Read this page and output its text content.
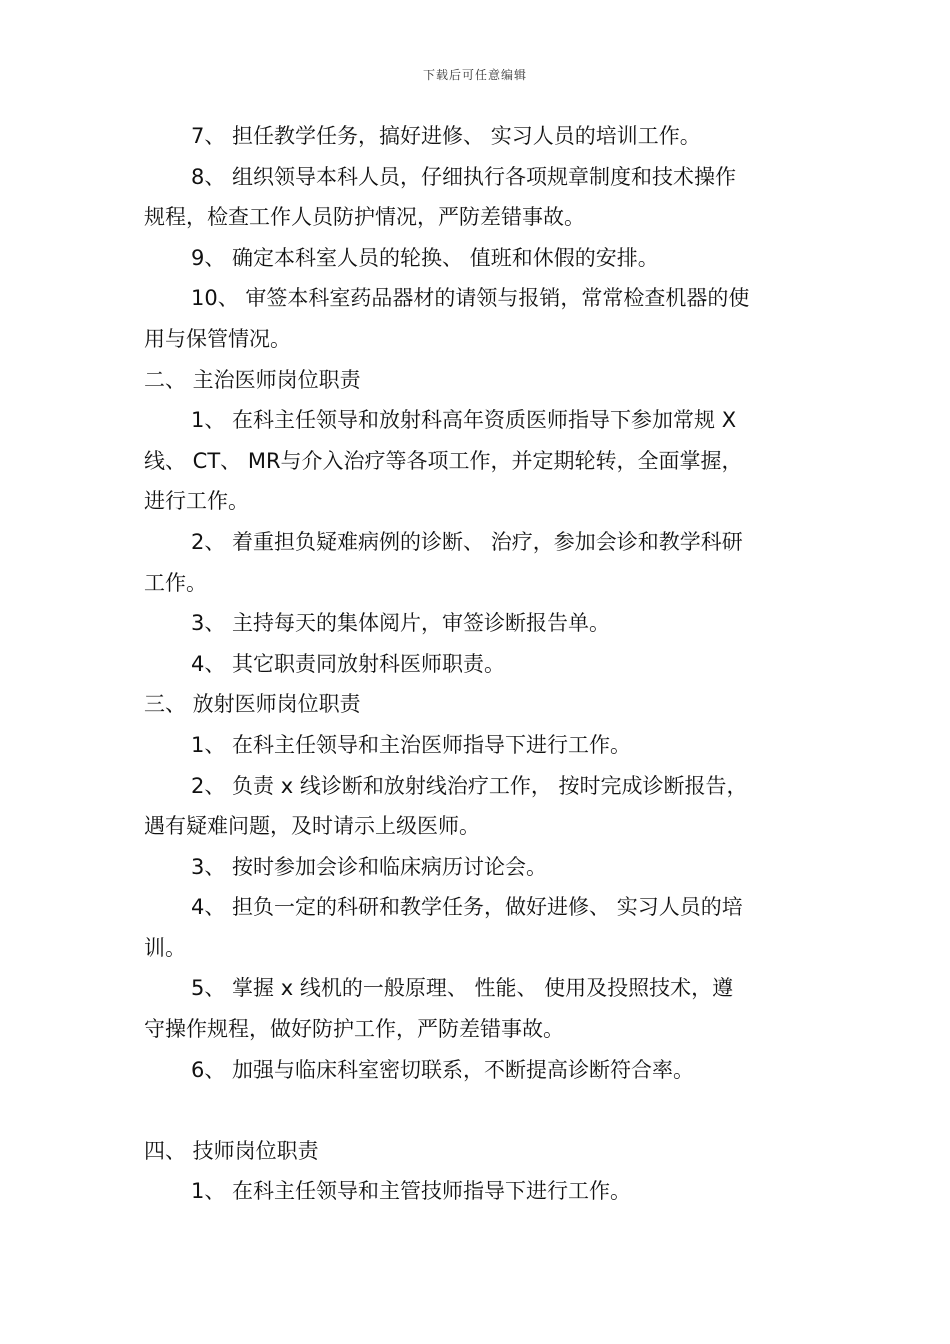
下载后可任意编辑
7、 担任教学任务，搞好进修、 实习人员的培训工作。
8、 组织领导本科人员，仔细执行各项规章制度和技术操作
规程，检查工作人员防护情况，严防差错事故。
9、 确定本科室人员的轮换、 值班和休假的安排。
10、 审签本科室药品器材的请领与报销，常常检查机器的使
用与保管情况。
二、 主治医师岗位职责
1、 在科主任领导和放射科高年资质医师指导下参加常规 X
线、 CT、 MR与介入治疗等各项工作，并定期轮转，全面掌握，
进行工作。
2、 着重担负疑难病例的诊断、 治疗，参加会诊和教学科研
工作。
3、 主持每天的集体阅片，审签诊断报告单。
4、 其它职责同放射科医师职责。
三、 放射医师岗位职责
1、 在科主任领导和主治医师指导下进行工作。
2、 负责 x 线诊断和放射线治疗工作， 按时完成诊断报告，
遇有疑难问题，及时请示上级医师。
3、 按时参加会诊和临床病历讨论会。
4、 担负一定的科研和教学任务，做好进修、 实习人员的培
训。
5、 掌握 x 线机的一般原理、 性能、 使用及投照技术，遵
守操作规程，做好防护工作，严防差错事故。
6、 加强与临床科室密切联系，不断提高诊断符合率。
四、 技师岗位职责
1、 在科主任领导和主管技师指导下进行工作。
